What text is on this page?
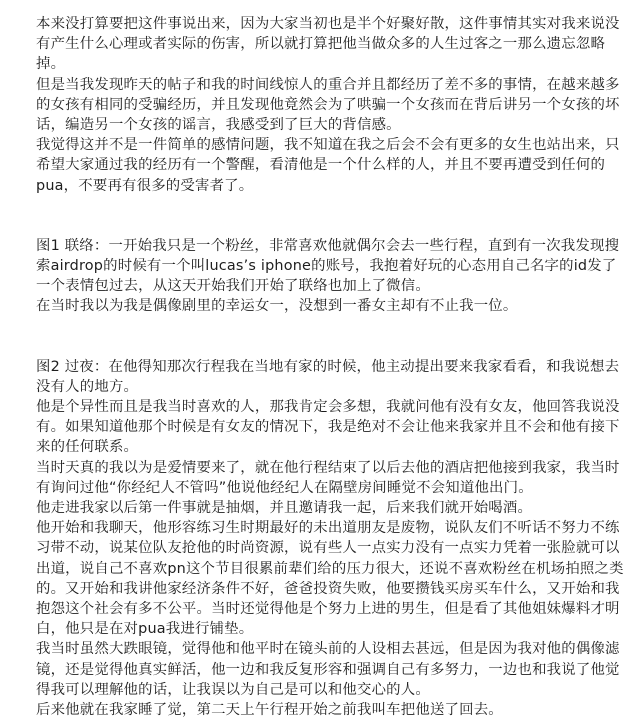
本来没打算要把这件事说出来，因为大家当初也是半个好聚好散，这件事情其实对我来说没有产生什么心理或者实际的伤害，所以就打算把他当做众多的人生过客之一那么遗忘忽略掉。

但是当我发现昨天的帖子和我的时间线惊人的重合并且都经历了差不多的事情，在越来越多的女孩有相同的受骗经历，并且发现他竟然会为了哄骗一个女孩而在背后讲另一个女孩的坏话，编造另一个女孩的谣言，我感受到了巨大的背信感。

我觉得这并不是一件简单的感情问题，我不知道在我之后会不会有更多的女生也站出来，只希望大家通过我的经历有一个警醒，看清他是一个什么样的人，并且不要再遭受到任何的pua，不要再有很多的受害者了。

图1 联络：一开始我只是一个粉丝，非常喜欢他就偶尔会去一些行程，直到有一次我发现搜索airdrop的时候有一个叫lucas’s iphone的账号，我抱着好玩的心态用自己名字的id发了一个表情包过去，从这天开始我们开始了联络也加上了微信。

在当时我以为我是偶像剧里的幸运女一，没想到一番女主却有不止我一位。

图2 过夜：在他得知那次行程我在当地有家的时候，他主动提出要来我家看看，和我说想去没有人的地方。

他是个异性而且是我当时喜欢的人，那我肯定会多想，我就问他有没有女友，他回答我说没有。如果知道他那个时候是有女友的情况下，我是绝对不会让他来我家并且不会和他有接下来的任何联系。

当时天真的我以为是爱情要来了，就在他行程结束了以后去他的酒店把他接到我家，我当时有询问过他“你经纪人不管吗”他说他经纪人在隔壁房间睡觉不会知道他出门。

他走进我家以后第一件事就是抽烟，并且邀请我一起，后来我们就开始喝酒。

他开始和我聊天，他形容练习生时期最好的未出道朋友是废物，说队友们不听话不努力不练习带不动，说某位队友抢他的时尚资源，说有些人一点实力没有一点实力凭着一张脸就可以出道，说自己不喜欢pn这个节目很累前辈们给的压力很大，还说不喜欢粉丝在机场拍照之类的。又开始和我讲他家经济条件不好，爸爸投资失败，他要攒钱买房买车什么，又开始和我抱怨这个社会有多不公平。当时还觉得他是个努力上进的男生，但是看了其他姐妹爆料才明白，他只是在对pua我进行铺垫。

我当时虽然大跌眼镜，觉得他和他平时在镜头前的人设相去甚远，但是因为我对他的偶像滤镜，还是觉得他真实鲜活，他一边和我反复形容和强调自己有多努力，一边也和我说了他觉得我可以理解他的话，让我误以为自己是可以和他交心的人。

后来他就在我家睡了觉，第二天上午行程开始之前我叫车把他送了回去。
